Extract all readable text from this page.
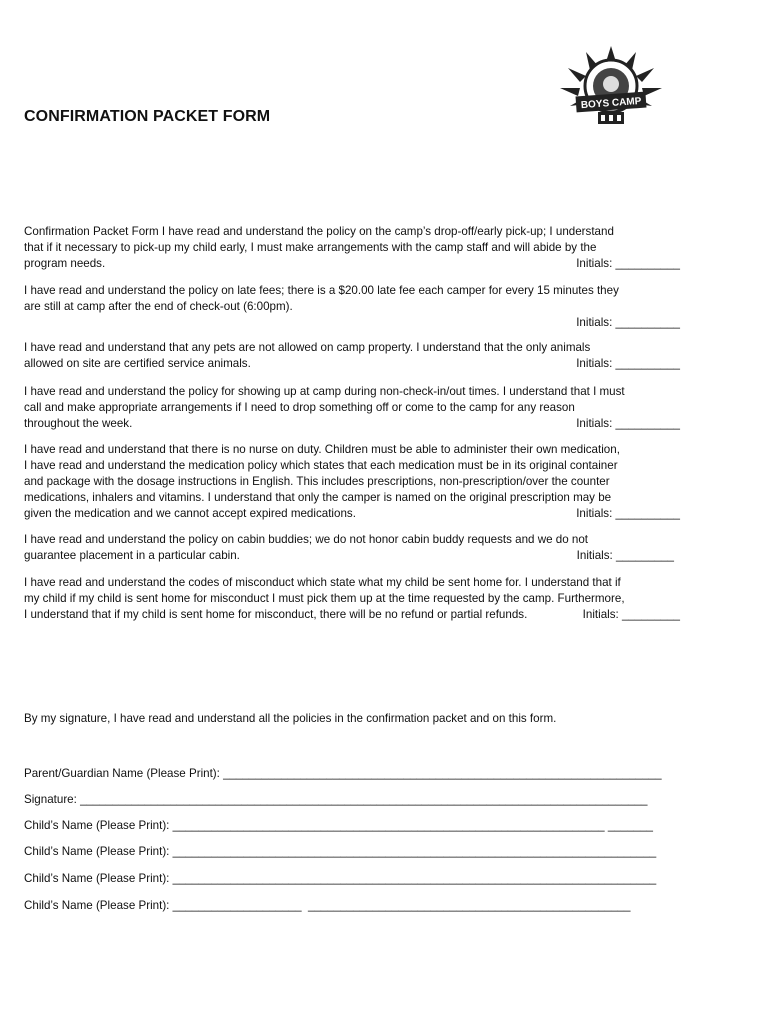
CONFIRMATION PACKET FORM
BOYS CAMP
Confirmation Packet Form I have read and understand the policy on the camp’s drop-off/early pick-up; I understand
that if it necessary to pick-up my child early, I must make arrangements with the camp staff and will abide by the
program needs.	Initials: __________
I have read and understand the policy on late fees; there is a $20.00 late fee each camper for every 15 minutes they
are still at camp after the end of check-out (6:00pm).
Initials: __________
I have read and understand that any pets are not allowed on camp property. I understand that the only animals
allowed on site are certified service animals.	Initials: __________
I have read and understand the policy for showing up at camp during non-check-in/out times. I understand that I must
call and make appropriate arrangements if I need to drop something off or come to the camp for any reason
throughout the week.	Initials: __________
I have read and understand that there is no nurse on duty. Children must be able to administer their own medication,
I have read and understand the medication policy which states that each medication must be in its original container
and package with the dosage instructions in English. This includes prescriptions, non-prescription/over the counter
medications, inhalers and vitamins. I understand that only the camper is named on the original prescription may be
given the medication and we cannot accept expired medications.	Initials: __________
I have read and understand the policy on cabin buddies; we do not honor cabin buddy requests and we do not
guarantee placement in a particular cabin.	Initials: _________
I have read and understand the codes of misconduct which state what my child be sent home for. I understand that if
my child if my child is sent home for misconduct I must pick them up at the time requested by the camp. Furthermore,
I understand that if my child is sent home for misconduct, there will be no refund or partial refunds.	Initials: _________
By my signature, I have read and understand all the policies in the confirmation packet and on this form.
Parent/Guardian Name (Please Print): ____________________________________________________________________
Signature: ________________________________________________________________________________________
Child’s Name (Please Print): ___________________________________________________________________ _______
Child’s Name (Please Print): ___________________________________________________________________________
Child’s Name (Please Print): ___________________________________________________________________________
Child’s Name (Please Print): ____________________  __________________________________________________
